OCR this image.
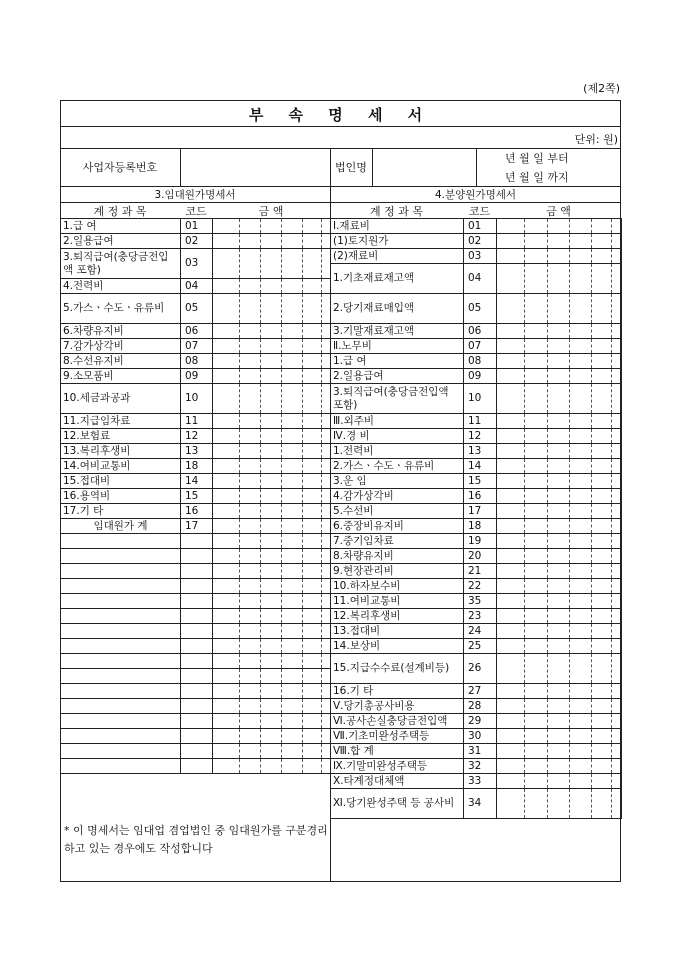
(제2쪽)
부 속 명 세 서
단위: 원)
사업자등록번호	법인명
년 월 일 부터
년 월 일 까지
3.임대원가명세서	4.분양원가명세서
계 정 과 목	코드	금 액	계 정 과 목	코드	금 액
1.급 여	01	

2.일용급여	02	

3.퇴직급여(충당금전입액 포함)	03	

4.전력비	04	

5.가스ㆍ수도ㆍ유류비	05	

6.차량유지비	06	

7.감가상각비	07	

8.수선유지비	08	

9.소모품비	09	

10.세금과공과	10	

11.지급임차료	11	

12.보험료	12	

13.복리후생비	13	

14.여비교통비	18	

15.접대비	14	

16.용역비	15	

17.기 타	16	

임대원가 계	17	

Ⅰ.재료비	01	

(1)토지원가	02	

(2)재료비	03	

1.기초재료재고액	04	

2.당기재료매입액	05	

3.기말재료재고액	06	

Ⅱ.노무비	07	

1.급 여	08	

2.일용급여	09	

3.퇴직급여(충당금전입액 포함)	10	

Ⅲ.외주비	11	

Ⅳ.경 비	12	

1.전력비	13	

2.가스ㆍ수도ㆍ유류비	14	

3.운 임	15	

4.감가상각비	16	

5.수선비	17	

6.중장비유지비	18	

7.중기임차료	19	

8.차량유지비	20	

9.현장관리비	21	

10.하자보수비	22	

11.여비교통비	35	

12.복리후생비	23	

13.접대비	24	

14.보상비	25	

15.지급수수료(설계비등)	26	

16.기 타	27	

Ⅴ.당기총공사비용	28	

Ⅵ.공사손실충당금전입액	29	

Ⅶ.기초미완성주택등	30	

Ⅷ.합 계	31	

Ⅸ.기말미완성주택등	32	

Ⅹ.타계정대체액	33	

Ⅺ.당기완성주택 등 공사비	34	
* 이 명세서는 임대업 겸업법인 중 임대원가를 구분경리하고 있는 경우에도 작성합니다
